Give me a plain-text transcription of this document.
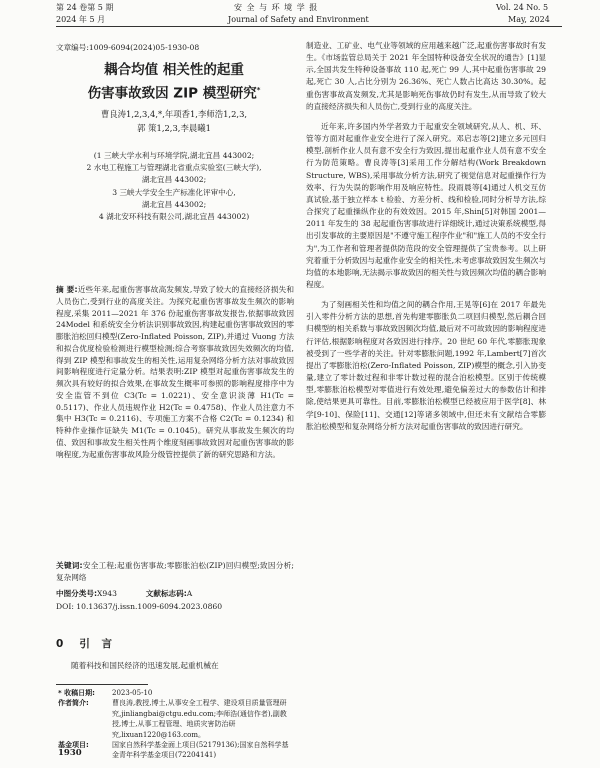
第 24 卷第 5 期
2024 年 5 月
安 全 与 环 境 学 报
Journal of Safety and Environment
Vol. 24 No. 5
May, 2024
文章编号:1009-6094(2024)05-1930-08
耦合均值 相关性的起重
伤害事故致因 ZIP 模型研究*
曹良涛1,2,3,4,*,年项香1,李师浩1,2,3,
郭 策1,2,3,李晨曦1
(1 三峡大学水利与环境学院,湖北宜昌 443002;
2 水电工程施工与管理湖北省重点实验室(三峡大学),
湖北宜昌 443002;
3 三峡大学安全生产标准化评审中心,
湖北宜昌 443002;
4 湖北安环科技有限公司,湖北宜昌 443002)
摘 要:近些年来,起重伤害事故高发频发,导致了较大的直接经济损失和人员伤亡,受到行业的高度关注。为探究起重伤害事故发生频次的影响程度,采集 2011—2021 年 376 份起重伤害事故发报告,依据事故致因 24Model 和系统安全分析法识别事故致因,构建起重伤害事故致因的零膨胀泊松回归模型(Zero-Inflated Poisson, ZIP),并通过 Vuong 方法和拟合优度检验检测进行模型检测;综合考察事故致因失效频次的均值,得到 ZIP 模型和事故发生的相关性,运用复杂网络分析方法对事故致因间影响程度进行定量分析。结果表明:ZIP 模型对起重伤害事故发生的频次具有较好的拟合效果,在事故发生概率可参照的影响程度排序中为安全监管不到位 C3(Tc = 1.0221)、安全意识淡薄 H1(Tc = 0.5117)、作业人员违规作业 H2(Tc = 0.4758)、作业人员注意力不集中 H3(Tc = 0.2116)、专项施工方案不合格 C2(Tc = 0.1234) 和特种作业操作证缺失 M1(Tc = 0.1045)。研究从事故发生频次的均值、致因和事故发生相关性两个维度刻画事故致因对起重伤害事故的影响程度,为起重伤害事故风险分级管控提供了新的研究思路和方法。
关键词:安全工程;起重伤害事故;零膨胀泊松(ZIP)回归模型;致因分析;复杂网络
中图分类号:X943	文献标志码:A
DOI: 10.13637/j.issn.1009-6094.2023.0860
0 引 言
随着科技和国民经济的迅速发展,起重机械在
* 收稿日期:	2023-05-10
作者简介:	曹良涛,教授,博士,从事安全工程学、建设项目质量管理研究,jinliangbai@ctgu.edu.com;李师浩(通信作者),副教授,博士,从事工程管理、地质灾害防治研究,lixuan1220@163.com。
基金项目:	国家自然科学基金面上项目(52179136);国家自然科学基金青年科学基金项目(72204141)
1930

制造业、工矿业、电气业等领域的应用越来越广泛,起重伤害事故时有发生。《市场监管总局关于 2021 年全国特种设备安全状况的通告》[1]显示,全国共发生特种设备事故 110 起,死亡 99 人,其中起重伤害事故 29 起,死亡 30 人,占比分别为 26.36%、死亡人数占比高达 30.30%。起重伤害事故高发频发,尤其是影响死伤事故仍时有发生,从而导致了较大的直接经济损失和人员伤亡,受到行业的高度关注。

近年来,许多国内外学者致力于起重安全领域研究,从人、机、环、管等方面对起重作业安全进行了深入研究。邓启志等[2]建立多元回归模型,剖析作业人员有意不安全行为致因,提出起重作业人员有意不安全行为防范策略。曹良涛等[3]采用工作分解结构(Work Breakdown Structure, WBS),采用事故分析方法,研究了视觉信息对起重操作行为效率、行为失误的影响作用及响应特性。段雨晨等[4]通过人机交互仿真试验,基于独立样本 t 检验、方差分析、线和检验,同时分析导方法,综合探究了起重操纵作业的有效效因。2015 年,Shin[5]对韩国 2001—2011 年发生的 38 起起重伤害事故进行详细统计,通过决策系统模型,得出引发事故的主要原因是"不遵守施工程序作业"和"施工人员的不安全行为",为工作者和管理者提供防范段的安全管理提供了宝贵参考。以上研究着重于分析致因与起重作业安全的相关性,未考虑事故致因发生频次与均值的本地影响,无法揭示事故致因的相关性与致因频次均值的耦合影响程度。

为了刻画相关性和均值之间的耦合作用,王晃等[6]在 2017 年最先引入零件分析方法的思想,首先构建零膨胀负二项回归模型,然后耦合回归模型的相关系数与事故致因频次均值,最后对不可故致因的影响程度进行评估,根据影响程度对各致因进行排序。20 世纪 60 年代,零膨胀现象被受到了一些学者的关注。针对零膨胀问题,1992 年,Lambert[7]首次提出了零膨胀泊松(Zero-Inflated Poisson, ZIP)模型的概念,引入协变量,建立了零计数过程和非零计数过程的混合泊松模型。区别于传统模型,零膨胀泊松模型对零值进行有效处理,避免偏差过大的参数估计和排除,使结果更具可靠性。目前,零膨胀泊松模型已经被应用于医学[8]、林学[9-10]、保险[11]、交通[12]等诸多领域中,但还未有文献结合零膨胀泊松模型和复杂网络分析方法对起重伤害事故的致因进行研究。
